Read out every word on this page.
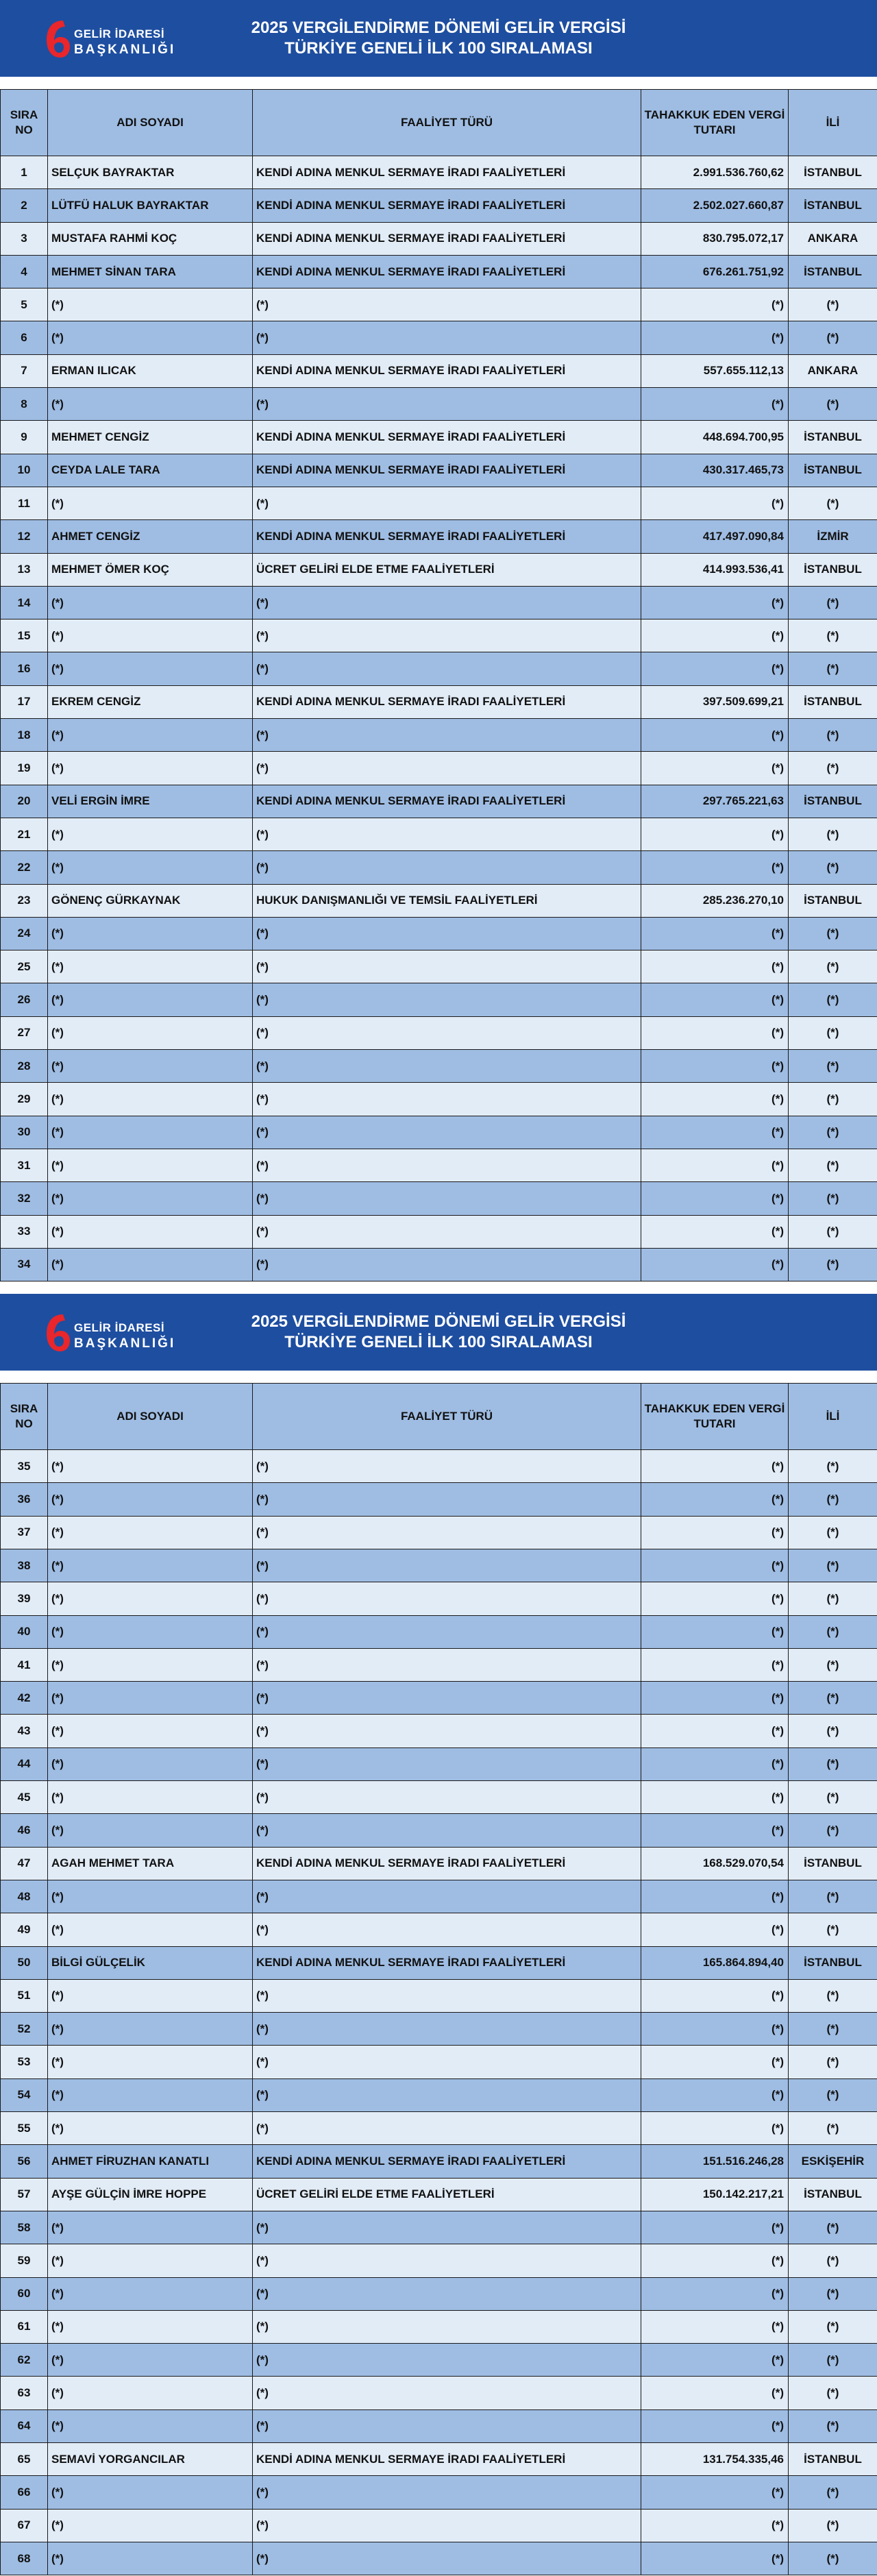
GELİR İDARESİ
BAŞKANLIĞI
2025 VERGİLENDİRME DÖNEMİ GELİR VERGİSİ
TÜRKİYE GENELİ İLK 100 SIRALAMASI
SIRA NO	ADI SOYADI	FAALİYET TÜRÜ	TAHAKKUK EDEN VERGİ TUTARI	İLİ
1	SELÇUK BAYRAKTAR	KENDİ ADINA MENKUL SERMAYE İRADI FAALİYETLERİ	2.991.536.760,62	İSTANBUL
2	LÜTFÜ HALUK BAYRAKTAR	KENDİ ADINA MENKUL SERMAYE İRADI FAALİYETLERİ	2.502.027.660,87	İSTANBUL
3	MUSTAFA RAHMİ KOÇ	KENDİ ADINA MENKUL SERMAYE İRADI FAALİYETLERİ	830.795.072,17	ANKARA
4	MEHMET SİNAN TARA	KENDİ ADINA MENKUL SERMAYE İRADI FAALİYETLERİ	676.261.751,92	İSTANBUL
5	(*)	(*)	(*)	(*)
6	(*)	(*)	(*)	(*)
7	ERMAN ILICAK	KENDİ ADINA MENKUL SERMAYE İRADI FAALİYETLERİ	557.655.112,13	ANKARA
8	(*)	(*)	(*)	(*)
9	MEHMET CENGİZ	KENDİ ADINA MENKUL SERMAYE İRADI FAALİYETLERİ	448.694.700,95	İSTANBUL
10	CEYDA LALE TARA	KENDİ ADINA MENKUL SERMAYE İRADI FAALİYETLERİ	430.317.465,73	İSTANBUL
11	(*)	(*)	(*)	(*)
12	AHMET CENGİZ	KENDİ ADINA MENKUL SERMAYE İRADI FAALİYETLERİ	417.497.090,84	İZMİR
13	MEHMET ÖMER KOÇ	ÜCRET GELİRİ ELDE ETME FAALİYETLERİ	414.993.536,41	İSTANBUL
14	(*)	(*)	(*)	(*)
15	(*)	(*)	(*)	(*)
16	(*)	(*)	(*)	(*)
17	EKREM CENGİZ	KENDİ ADINA MENKUL SERMAYE İRADI FAALİYETLERİ	397.509.699,21	İSTANBUL
18	(*)	(*)	(*)	(*)
19	(*)	(*)	(*)	(*)
20	VELİ ERGİN İMRE	KENDİ ADINA MENKUL SERMAYE İRADI FAALİYETLERİ	297.765.221,63	İSTANBUL
21	(*)	(*)	(*)	(*)
22	(*)	(*)	(*)	(*)
23	GÖNENÇ GÜRKAYNAK	HUKUK DANIŞMANLIĞI VE TEMSİL FAALİYETLERİ	285.236.270,10	İSTANBUL
24	(*)	(*)	(*)	(*)
25	(*)	(*)	(*)	(*)
26	(*)	(*)	(*)	(*)
27	(*)	(*)	(*)	(*)
28	(*)	(*)	(*)	(*)
29	(*)	(*)	(*)	(*)
30	(*)	(*)	(*)	(*)
31	(*)	(*)	(*)	(*)
32	(*)	(*)	(*)	(*)
33	(*)	(*)	(*)	(*)
34	(*)	(*)	(*)	(*)
GELİR İDARESİ
BAŞKANLIĞI
2025 VERGİLENDİRME DÖNEMİ GELİR VERGİSİ
TÜRKİYE GENELİ İLK 100 SIRALAMASI
SIRA NO	ADI SOYADI	FAALİYET TÜRÜ	TAHAKKUK EDEN VERGİ TUTARI	İLİ
35	(*)	(*)	(*)	(*)
36	(*)	(*)	(*)	(*)
37	(*)	(*)	(*)	(*)
38	(*)	(*)	(*)	(*)
39	(*)	(*)	(*)	(*)
40	(*)	(*)	(*)	(*)
41	(*)	(*)	(*)	(*)
42	(*)	(*)	(*)	(*)
43	(*)	(*)	(*)	(*)
44	(*)	(*)	(*)	(*)
45	(*)	(*)	(*)	(*)
46	(*)	(*)	(*)	(*)
47	AGAH MEHMET TARA	KENDİ ADINA MENKUL SERMAYE İRADI FAALİYETLERİ	168.529.070,54	İSTANBUL
48	(*)	(*)	(*)	(*)
49	(*)	(*)	(*)	(*)
50	BİLGİ GÜLÇELİK	KENDİ ADINA MENKUL SERMAYE İRADI FAALİYETLERİ	165.864.894,40	İSTANBUL
51	(*)	(*)	(*)	(*)
52	(*)	(*)	(*)	(*)
53	(*)	(*)	(*)	(*)
54	(*)	(*)	(*)	(*)
55	(*)	(*)	(*)	(*)
56	AHMET FİRUZHAN KANATLI	KENDİ ADINA MENKUL SERMAYE İRADI FAALİYETLERİ	151.516.246,28	ESKİŞEHİR
57	AYŞE GÜLÇİN İMRE HOPPE	ÜCRET GELİRİ ELDE ETME FAALİYETLERİ	150.142.217,21	İSTANBUL
58	(*)	(*)	(*)	(*)
59	(*)	(*)	(*)	(*)
60	(*)	(*)	(*)	(*)
61	(*)	(*)	(*)	(*)
62	(*)	(*)	(*)	(*)
63	(*)	(*)	(*)	(*)
64	(*)	(*)	(*)	(*)
65	SEMAVİ YORGANCILAR	KENDİ ADINA MENKUL SERMAYE İRADI FAALİYETLERİ	131.754.335,46	İSTANBUL
66	(*)	(*)	(*)	(*)
67	(*)	(*)	(*)	(*)
68	(*)	(*)	(*)	(*)
